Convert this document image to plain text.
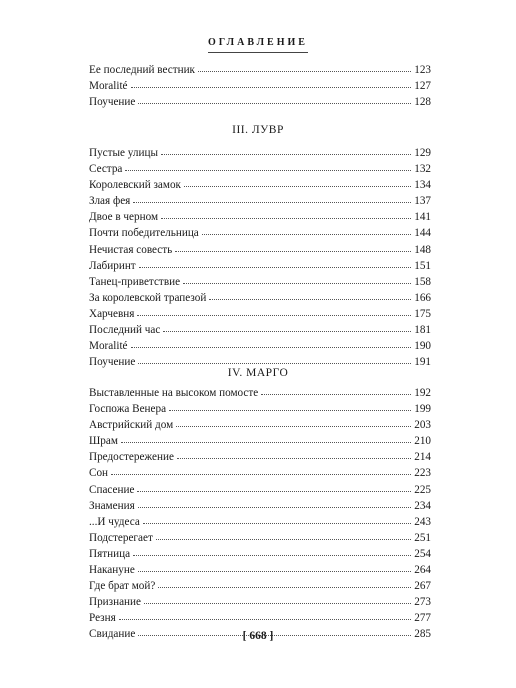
ОГЛАВЛЕНИЕ
Ее последний вестник	123
Moralité	127
Поучение	128
III. ЛУВР
Пустые улицы	129
Сестра	132
Королевский замок	134
Злая фея	137
Двое в черном	141
Почти победительница	144
Нечистая совесть	148
Лабиринт	151
Танец-приветствие	158
За королевской трапезой	166
Харчевня	175
Последний час	181
Moralité	190
Поучение	191
IV. МАРГО
Выставленные на высоком помосте	192
Госпожа Венера	199
Австрийский дом	203
Шрам	210
Предостережение	214
Сон	223
Спасение	225
Знамения	234
...И чудеса	243
Подстерегает	251
Пятница	254
Накануне	264
Где брат мой?	267
Признание	273
Резня	277
Свидание	285
[ 668 ]
